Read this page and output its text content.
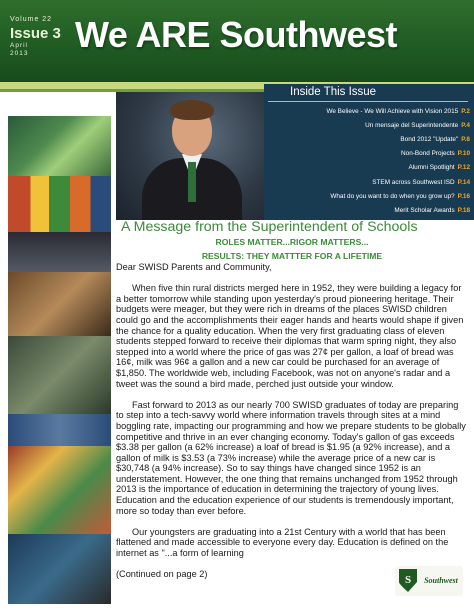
Volume 22
Issue 3
April
2013	We ARE Southwest
Inside This Issue
We Believe - We Will Achieve with Vision 2015 P.2
Un mensaje del Superintendente P.4
Bond 2012 "Update" P.8
Non-Bond Projects P.10
Alumni Spotlight P.12
STEM across Southwest ISD P.14
What do you want to do when you grow up? P.16
Merit Scholar Awards P.18
A Message from the Superintendent of Schools
ROLES MATTER...RIGOR MATTERS...
RESULTS: THEY MATTTER FOR A LIFETIME

Dear SWISD Parents and Community,

When five thin rural districts merged here in 1952, they were building a legacy for a better tomorrow while standing upon yesterday's proud pioneering heritage. Their budgets were meager, but they were rich in dreams of the places SWISD children could go and the accomplishments their eager hands and hearts would shape if given the chance for a quality education. When the very first graduating class of eleven students stepped forward to receive their diplomas that warm spring night, they also stepped into a world where the price of gas was 27¢ per gallon, a loaf of bread was 16¢, milk was 96¢ a gallon and a new car could be purchased for an average of $1,850. The worldwide web, including Facebook, was not on anyone's radar and a tweet was the sound a bird made, perched just outside your window.

Fast forward to 2013 as our nearly 700 SWISD graduates of today are preparing to step into a tech-savvy world where information travels through sites at a mind boggling rate, impacting our programming and how we prepare students to be globally competitive and thrive in an ever changing economy. Today's gallon of gas exceeds $3.38 per gallon (a 62% increase) a loaf of bread is $1.95 (a 92% increase), and a gallon of milk is $3.53 (a 73% increase) while the average price of a new car is $30,748 (a 94% increase). So to say things have changed since 1952 is an understatement. However, the one thing that remains unchanged from 1952 through 2013 is the importance of education in determining the trajectory of young lives. Education and the education experience of our students is tremendously important, more so today than ever before.

Our youngsters are graduating into a 21st Century with a world that has been flattened and made accessible to everyone every day. Education is defined on the internet as "...a form of learning

(Continued on page 2)	S Southwest
